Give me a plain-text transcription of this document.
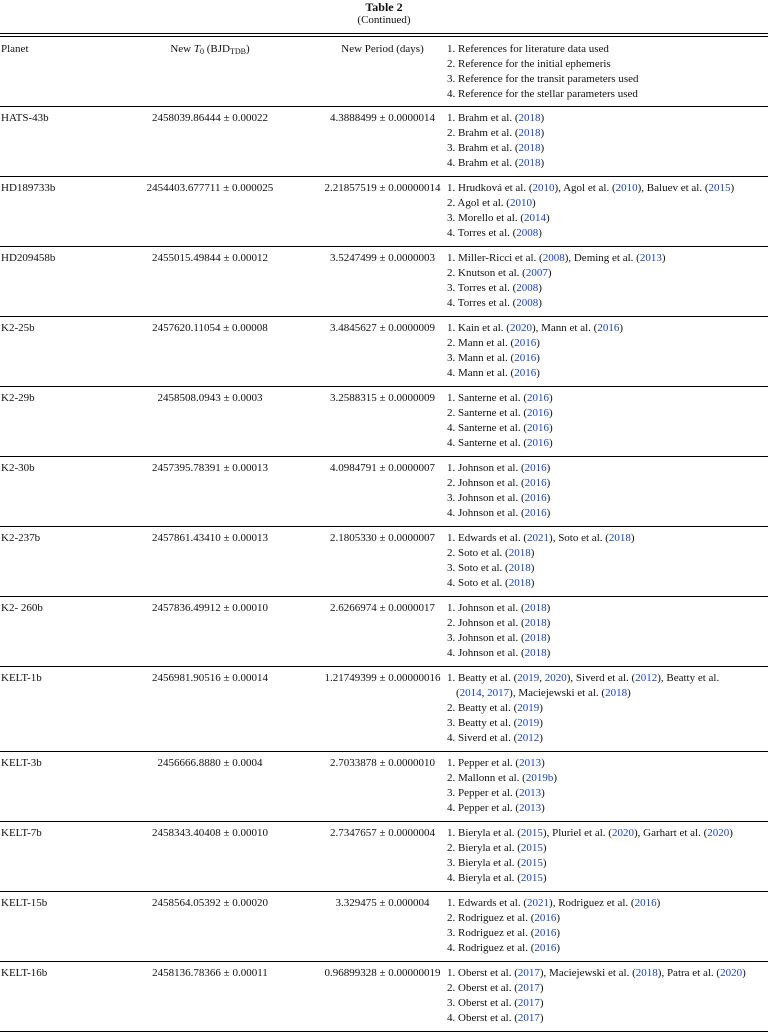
Table 2
(Continued)
Planet	New $T_0$ $(BJD_{TDB})$	New Period (days)	1. References for literature data used
2. Reference for the initial ephemeris
3. Reference for the transit parameters used
4. Reference for the stellar parameters used

HATS-43b	2458039.86444 ± 0.00022	4.3888499 ± 0.0000014	1. Brahm et al. (2018)
2. Brahm et al. (2018)
3. Brahm et al. (2018)
4. Brahm et al. (2018)

HD189733b	2454403.677711 ± 0.000025	2.21857519 ± 0.00000014	1. Hrudková et al. (2010), Agol et al. (2010), Baluev et al. (2015)
2. Agol et al. (2010)
3. Morello et al. (2014)
4. Torres et al. (2008)

HD209458b	2455015.49844 ± 0.00012	3.5247499 ± 0.0000003	1. Miller-Ricci et al. (2008), Deming et al. (2013)
2. Knutson et al. (2007)
3. Torres et al. (2008)
4. Torres et al. (2008)

K2-25b	2457620.11054 ± 0.00008	3.4845627 ± 0.0000009	1. Kain et al. (2020), Mann et al. (2016)
2. Mann et al. (2016)
3. Mann et al. (2016)
4. Mann et al. (2016)

K2-29b	2458508.0943 ± 0.0003	3.2588315 ± 0.0000009	1. Santerne et al. (2016)
2. Santerne et al. (2016)
4. Santerne et al. (2016)
4. Santerne et al. (2016)

K2-30b	2457395.78391 ± 0.00013	4.0984791 ± 0.0000007	1. Johnson et al. (2016)
2. Johnson et al. (2016)
3. Johnson et al. (2016)
4. Johnson et al. (2016)

K2-237b	2457861.43410 ± 0.00013	2.1805330 ± 0.0000007	1. Edwards et al. (2021), Soto et al. (2018)
2. Soto et al. (2018)
3. Soto et al. (2018)
4. Soto et al. (2018)

K2- 260b	2457836.49912 ± 0.00010	2.6266974 ± 0.0000017	1. Johnson et al. (2018)
2. Johnson et al. (2018)
3. Johnson et al. (2018)
4. Johnson et al. (2018)

KELT-1b	2456981.90516 ± 0.00014	1.21749399 ± 0.00000016	1. Beatty et al. (2019, 2020), Siverd et al. (2012), Beatty et al.
(2014, 2017), Maciejewski et al. (2018)
2. Beatty et al. (2019)
3. Beatty et al. (2019)
4. Siverd et al. (2012)

KELT-3b	2456666.8880 ± 0.0004	2.7033878 ± 0.0000010	1. Pepper et al. (2013)
2. Mallonn et al. (2019b)
3. Pepper et al. (2013)
4. Pepper et al. (2013)

KELT-7b	2458343.40408 ± 0.00010	2.7347657 ± 0.0000004	1. Bieryla et al. (2015), Pluriel et al. (2020), Garhart et al. (2020)
2. Bieryla et al. (2015)
3. Bieryla et al. (2015)
4. Bieryla et al. (2015)

KELT-15b	2458564.05392 ± 0.00020	3.329475 ± 0.000004	1. Edwards et al. (2021), Rodriguez et al. (2016)
2. Rodriguez et al. (2016)
3. Rodriguez et al. (2016)
4. Rodriguez et al. (2016)

KELT-16b	2458136.78366 ± 0.00011	0.96899328 ± 0.00000019	1. Oberst et al. (2017), Maciejewski et al. (2018), Patra et al. (2020)
2. Oberst et al. (2017)
3. Oberst et al. (2017)
4. Oberst et al. (2017)
